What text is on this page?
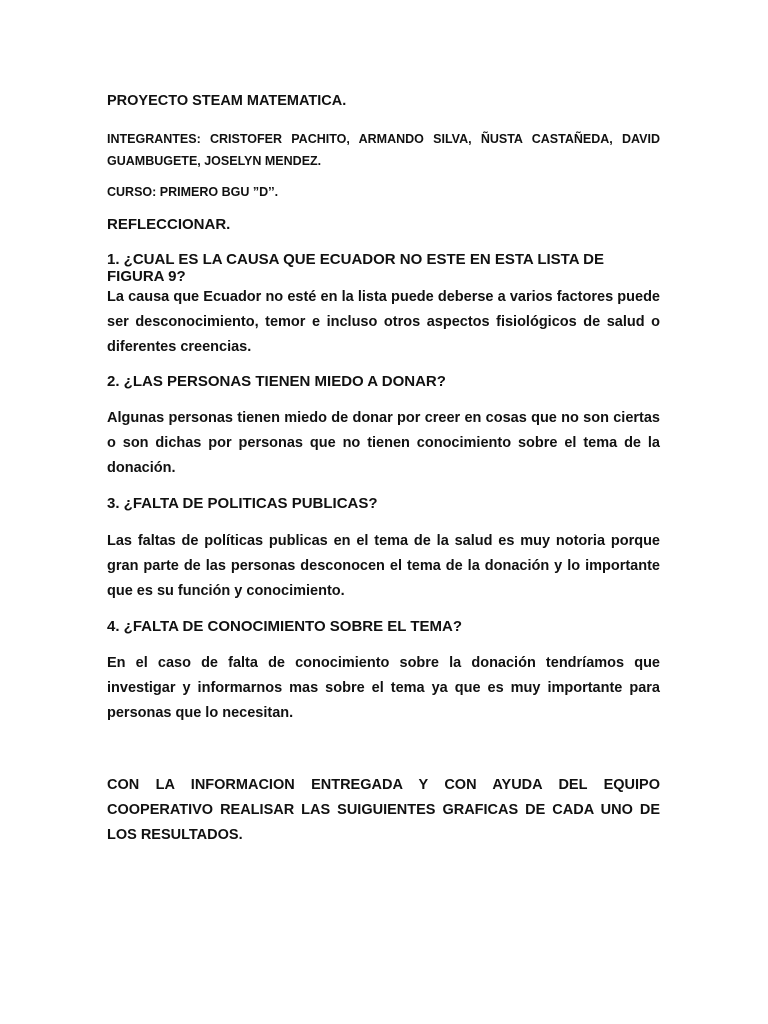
PROYECTO STEAM MATEMATICA.

INTEGRANTES: CRISTOFER PACHITO, ARMANDO SILVA, ÑUSTA CASTAÑEDA, DAVID GUAMBUGETE, JOSELYN MENDEZ.

CURSO: PRIMERO BGU ”D’’.

REFLECCIONAR.

1. ¿CUAL ES LA CAUSA QUE ECUADOR NO ESTE EN ESTA LISTA DE FIGURA 9?

La causa que Ecuador no esté en la lista puede deberse a varios factores puede ser desconocimiento, temor e incluso otros aspectos fisiológicos de salud o diferentes creencias.

2. ¿LAS PERSONAS TIENEN MIEDO A DONAR?

Algunas personas tienen miedo de donar por creer en cosas que no son ciertas o son dichas por personas que no tienen conocimiento sobre el tema de la donación.

3. ¿FALTA DE POLITICAS PUBLICAS?

Las faltas de políticas publicas en el tema de la salud es muy notoria porque gran parte de las personas desconocen el tema de la donación y lo importante que es su función y conocimiento.

4. ¿FALTA DE CONOCIMIENTO SOBRE EL TEMA?

En el caso de falta de conocimiento sobre la donación tendríamos que investigar y informarnos mas sobre el tema ya que es muy importante para personas que lo necesitan.

CON LA INFORMACION ENTREGADA Y CON AYUDA DEL EQUIPO COOPERATIVO REALISAR LAS SUIGUIENTES GRAFICAS DE CADA UNO DE LOS RESULTADOS.
